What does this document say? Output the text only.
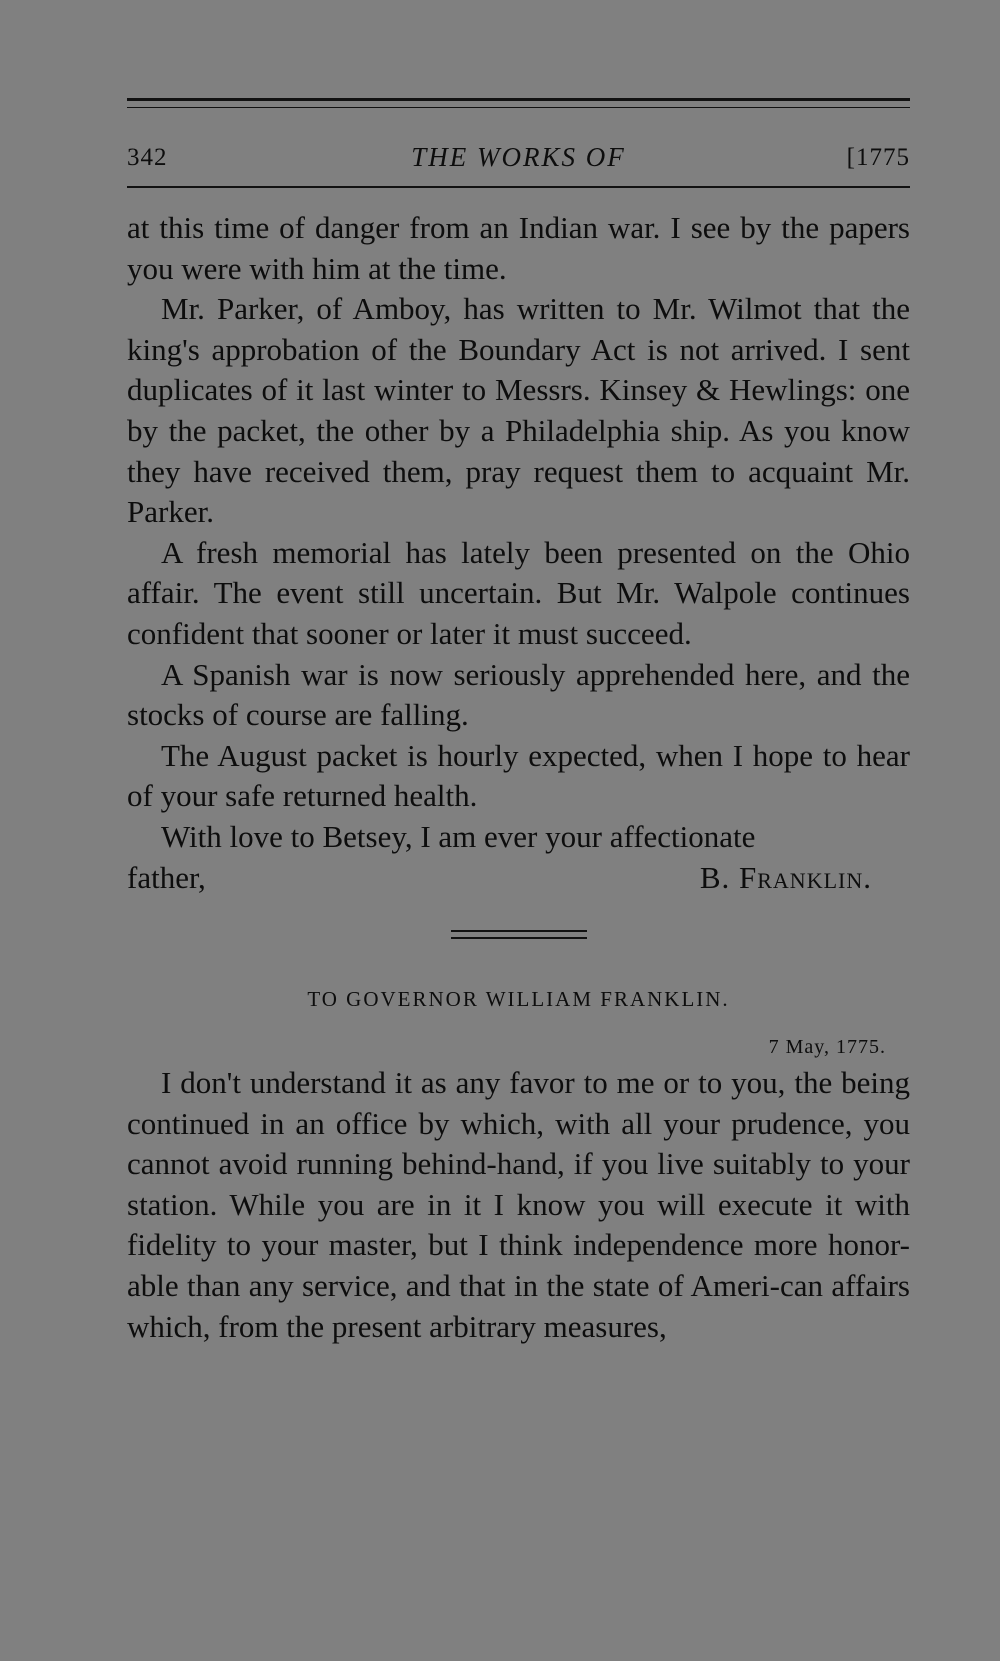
342	THE WORKS OF	[1775

at this time of danger from an Indian war. I see by the papers you were with him at the time.

Mr. Parker, of Amboy, has written to Mr. Wilmot that the king's approbation of the Boundary Act is not arrived. I sent duplicates of it last winter to Messrs. Kinsey & Hewlings: one by the packet, the other by a Philadelphia ship. As you know they have received them, pray request them to acquaint Mr. Parker.

A fresh memorial has lately been presented on the Ohio affair. The event still uncertain. But Mr. Walpole continues confident that sooner or later it must succeed.

A Spanish war is now seriously apprehended here, and the stocks of course are falling.

The August packet is hourly expected, when I hope to hear of your safe returned health.

With love to Betsey, I am ever your affectionate

father,	B. Franklin.
TO GOVERNOR WILLIAM FRANKLIN.
7 May, 1775.

I don't understand it as any favor to me or to you, the being continued in an office by which, with all your prudence, you cannot avoid running behind-hand, if you live suitably to your station. While you are in it I know you will execute it with fidelity to your master, but I think independence more honor-able than any service, and that in the state of Ameri-can affairs which, from the present arbitrary measures,
